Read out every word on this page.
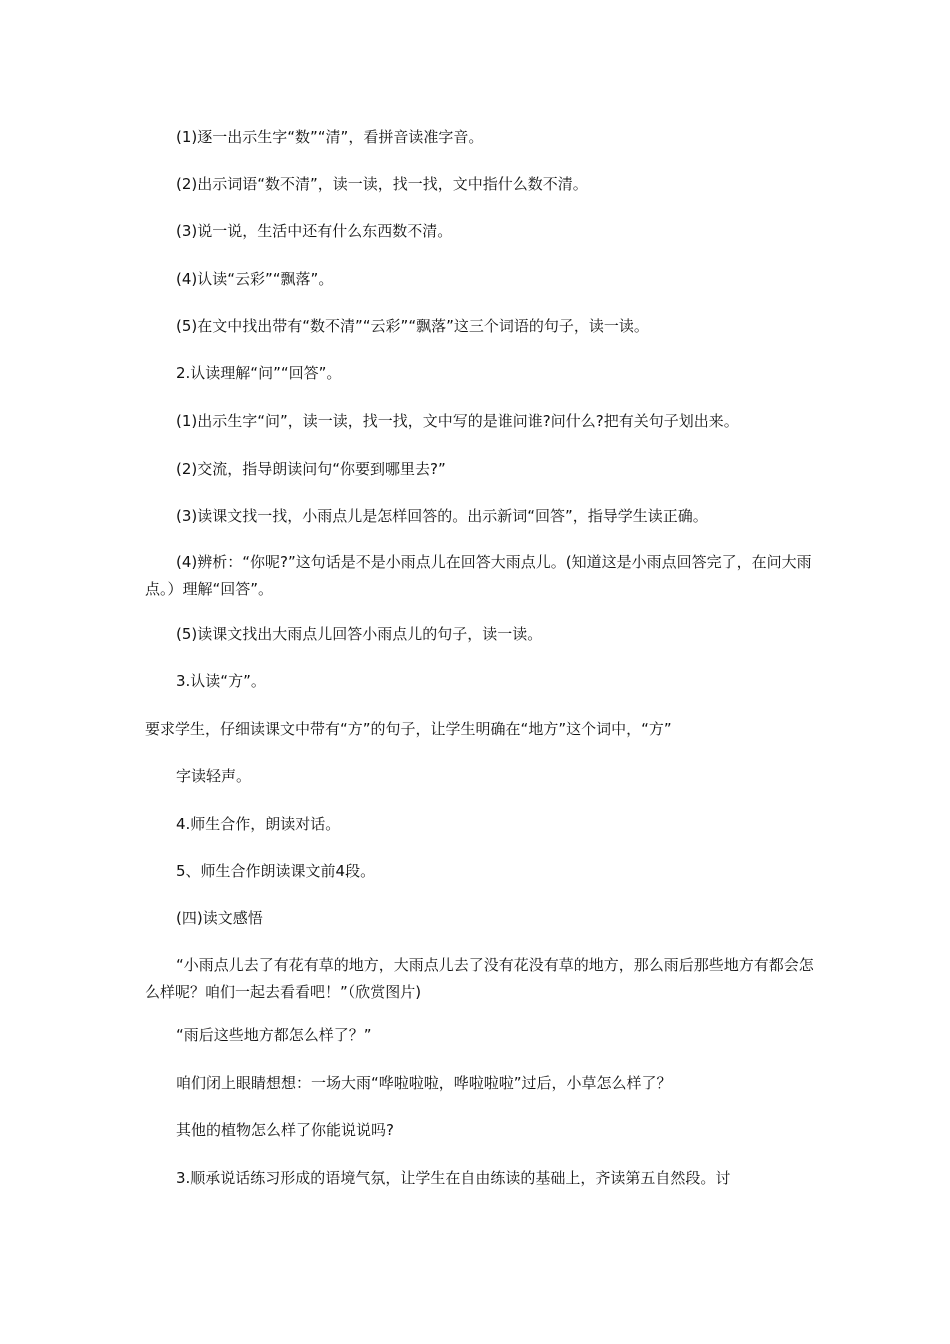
(1)逐一出示生字“数”“清”，看拼音读准字音。
(2)出示词语“数不清”，读一读，找一找，文中指什么数不清。
(3)说一说，生活中还有什么东西数不清。
(4)认读“云彩”“飘落”。
(5)在文中找出带有“数不清”“云彩”“飘落”这三个词语的句子，读一读。
2.认读理解“问”“回答”。
(1)出示生字“问”，读一读，找一找，文中写的是谁问谁?问什么?把有关句子划出来。
(2)交流，指导朗读问句“你要到哪里去?”
(3)读课文找一找，小雨点儿是怎样回答的。出示新词“回答”，指导学生读正确。
(4)辨析：“你呢?”这句话是不是小雨点儿在回答大雨点儿。(知道这是小雨点回答完了，在问大雨点。）理解“回答”。
(5)读课文找出大雨点儿回答小雨点儿的句子，读一读。
3.认读“方”。
要求学生，仔细读课文中带有“方”的句子，让学生明确在“地方”这个词中，“方”
字读轻声。
4.师生合作，朗读对话。
5、师生合作朗读课文前4段。
(四)读文感悟
“小雨点儿去了有花有草的地方，大雨点儿去了没有花没有草的地方，那么雨后那些地方有都会怎么样呢？咱们一起去看看吧！”（欣赏图片)
“雨后这些地方都怎么样了？”
咱们闭上眼睛想想：一场大雨“哗啦啦啦，哗啦啦啦”过后，小草怎么样了？
其他的植物怎么样了你能说说吗?
3.顺承说话练习形成的语境气氛，让学生在自由练读的基础上，齐读第五自然段。讨
